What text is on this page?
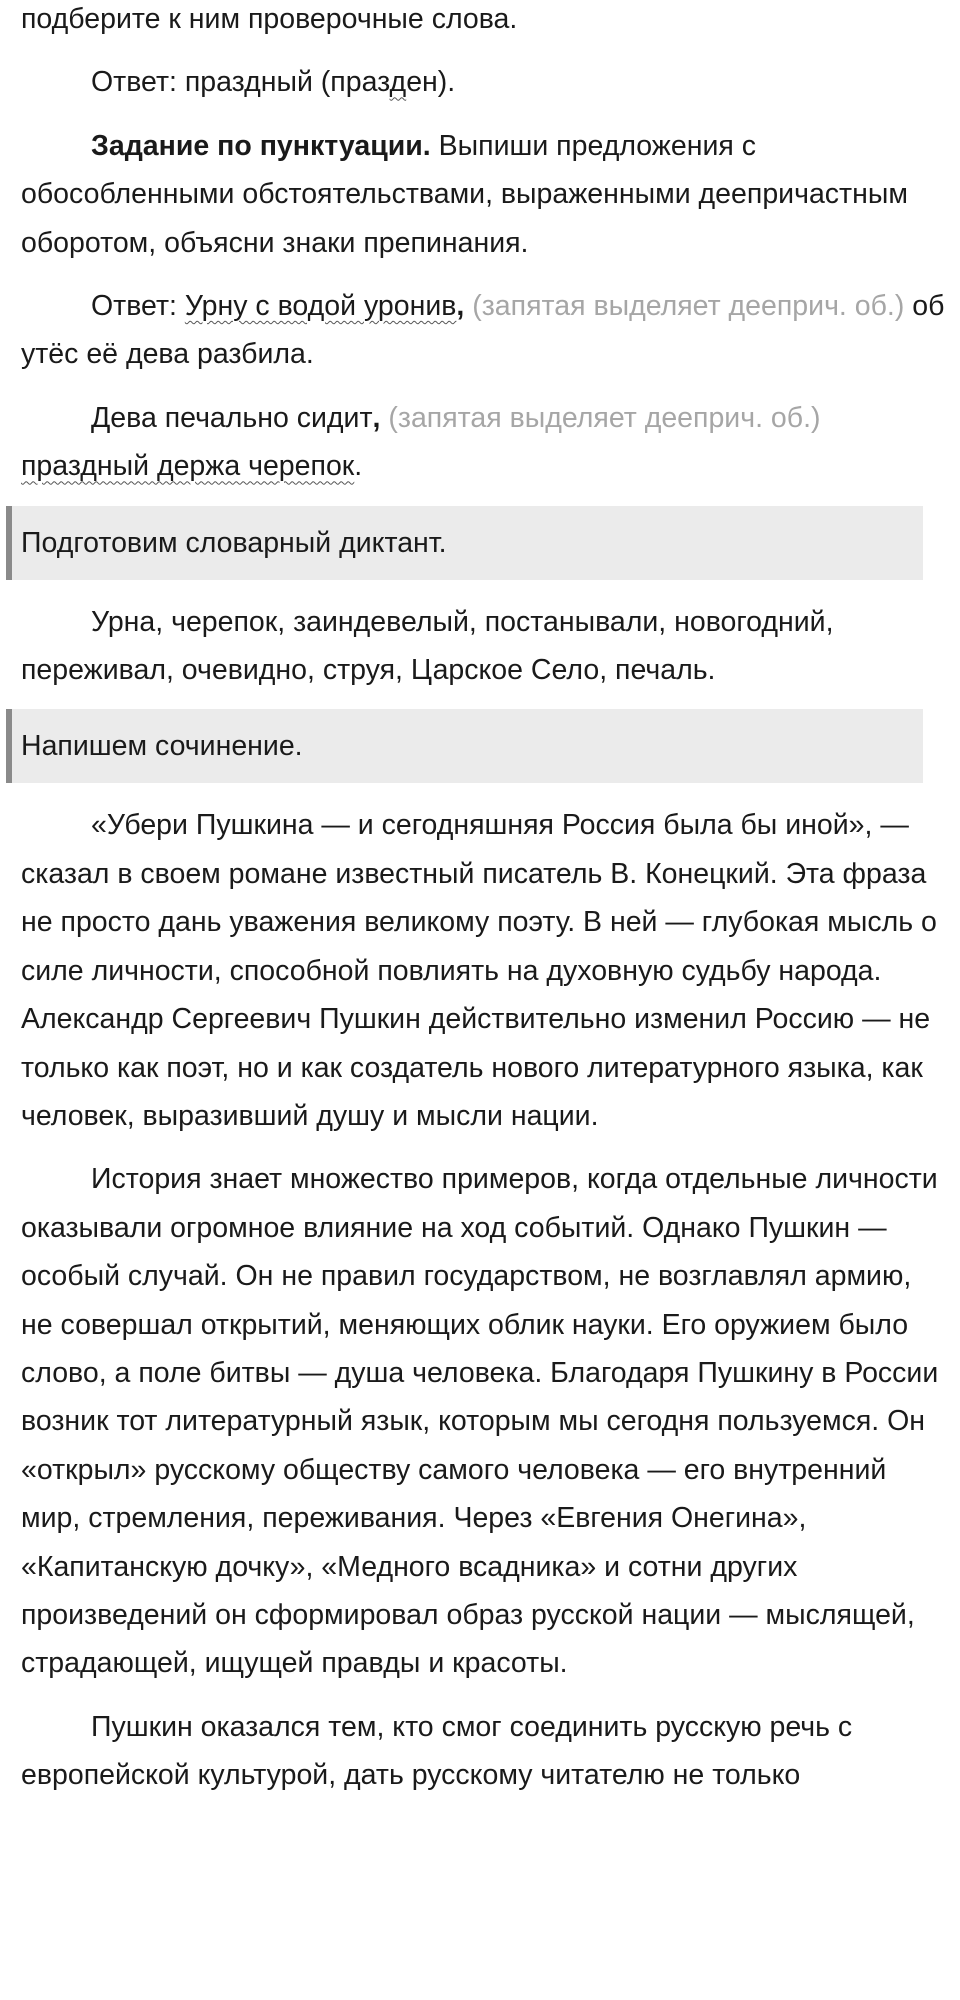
подберите к ним проверочные слова.

Ответ: праздный (празден).

Задание по пунктуации. Выпиши предложения с обособленными обстоятельствами, выраженными деепричастным оборотом, объясни знаки препинания.

Ответ: Урну с водой уронив, (запятая выделяет дееприч. об.) об утёс её дева разбила.

Дева печально сидит, (запятая выделяет дееприч. об.) праздный держа черепок.

Подготовим словарный диктант.

Урна, черепок, заиндевелый, постанывали, новогодний, переживал, очевидно, струя, Царское Село, печаль.

Напишем сочинение.

«Убери Пушкина — и сегодняшняя Россия была бы иной», — сказал в своем романе известный писатель В. Конецкий. Эта фраза не просто дань уважения великому поэту. В ней — глубокая мысль о силе личности, способной повлиять на духовную судьбу народа. Александр Сергеевич Пушкин действительно изменил Россию — не только как поэт, но и как создатель нового литературного языка, как человек, выразивший душу и мысли нации.

История знает множество примеров, когда отдельные личности оказывали огромное влияние на ход событий. Однако Пушкин — особый случай. Он не правил государством, не возглавлял армию, не совершал открытий, меняющих облик науки. Его оружием было слово, а поле битвы — душа человека. Благодаря Пушкину в России возник тот литературный язык, которым мы сегодня пользуемся. Он «открыл» русскому обществу самого человека — его внутренний мир, стремления, переживания. Через «Евгения Онегина», «Капитанскую дочку», «Медного всадника» и сотни других произведений он сформировал образ русской нации — мыслящей, страдающей, ищущей правды и красоты.

Пушкин оказался тем, кто смог соединить русскую речь с европейской культурой, дать русскому читателю не только
